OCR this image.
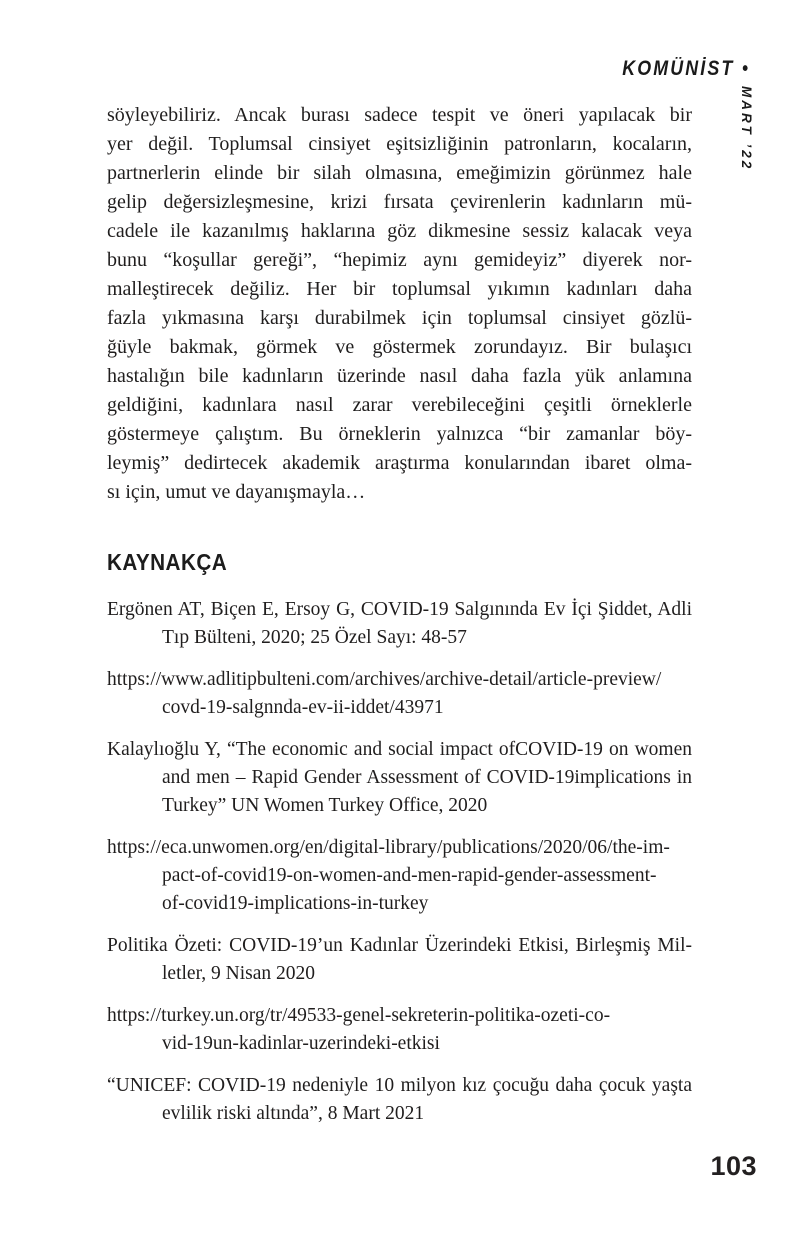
KOMÜNİST •
MART ’22
söyleyebiliriz. Ancak burası sadece tespit ve öneri yapılacak bir
yer değil. Toplumsal cinsiyet eşitsizliğinin patronların, kocaların,
partnerlerin elinde bir silah olmasına, emeğimizin görünmez hale
gelip değersizleşmesine, krizi fırsata çevirenlerin kadınların mü-
cadele ile kazanılmış haklarına göz dikmesine sessiz kalacak veya
bunu “koşullar gereği”, “hepimiz aynı gemideyiz” diyerek nor-
malleştirecek değiliz. Her bir toplumsal yıkımın kadınları daha
fazla yıkmasına karşı durabilmek için toplumsal cinsiyet gözlü-
ğüyle bakmak, görmek ve göstermek zorundayız. Bir bulaşıcı
hastalığın bile kadınların üzerinde nasıl daha fazla yük anlamına
geldiğini, kadınlara nasıl zarar verebileceğini çeşitli örneklerle
göstermeye çalıştım. Bu örneklerin yalnızca “bir zamanlar böy-
leymiş” dedirtecek akademik araştırma konularından ibaret olma-
sı için, umut ve dayanışmayla…
KAYNAKÇA
Ergönen AT, Biçen E, Ersoy G, COVID-19 Salgınında Ev İçi Şiddet, Adli
Tıp Bülteni, 2020; 25 Özel Sayı: 48-57
https://www.adlitipbulteni.com/archives/archive-detail/article-preview/
covd-19-salgnnda-ev-ii-iddet/43971
Kalaylıoğlu Y, “The economic and social impact ofCOVID-19 on women
and men – Rapid Gender Assessment of COVID-19implications in
Turkey” UN Women Turkey Office, 2020
https://eca.unwomen.org/en/digital-library/publications/2020/06/the-im-
pact-of-covid19-on-women-and-men-rapid-gender-assessment-
of-covid19-implications-in-turkey
Politika Özeti: COVID-19’un Kadınlar Üzerindeki Etkisi, Birleşmiş Mil-
letler, 9 Nisan 2020
https://turkey.un.org/tr/49533-genel-sekreterin-politika-ozeti-co-
vid-19un-kadinlar-uzerindeki-etkisi
“UNICEF: COVID-19 nedeniyle 10 milyon kız çocuğu daha çocuk yaşta
evlilik riski altında”, 8 Mart 2021
103
